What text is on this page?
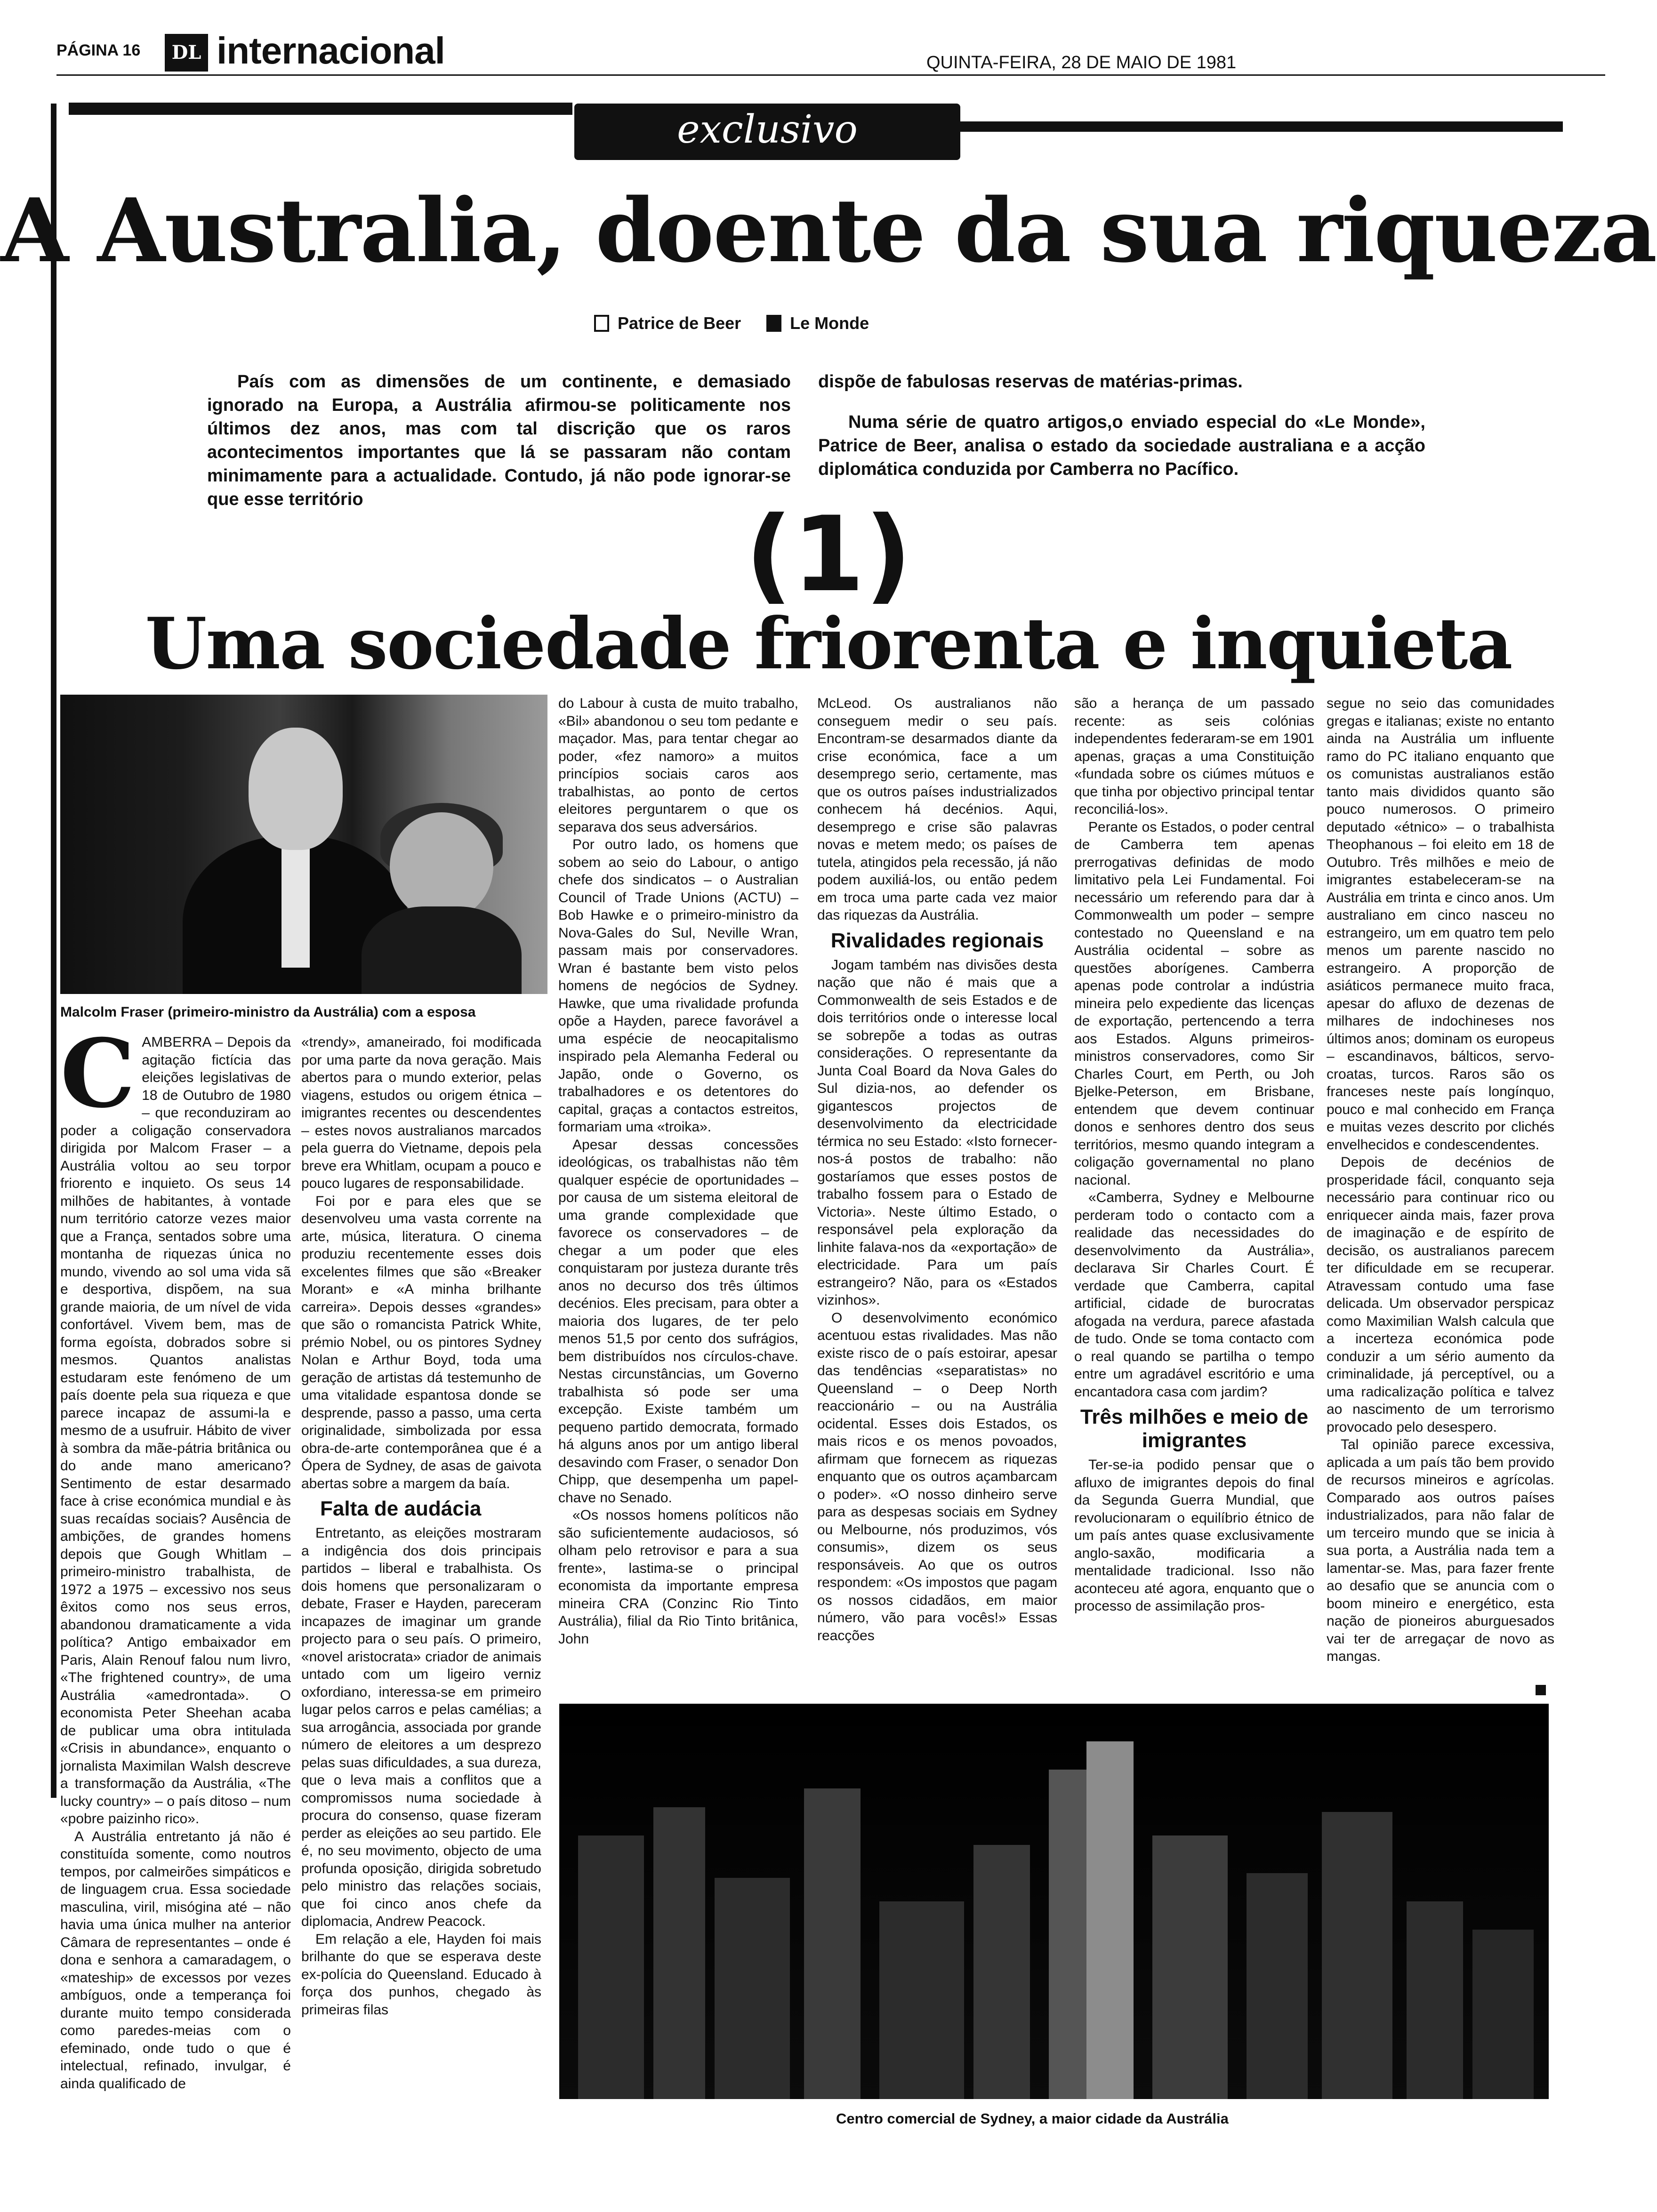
PÁGINA 16	DL internacional	QUINTA-FEIRA, 28 DE MAIO DE 1981
exclusivo
A Australia, doente da sua riqueza
Patrice de Beer	Le Monde

País com as dimensões de um continente, e demasiado ignorado na Europa, a Austrália afirmou-se politicamente nos últimos dez anos, mas com tal discrição que os raros acontecimentos importantes que lá se passaram não contam minimamente para a actualidade. Contudo, já não pode ignorar-se que esse território

dispõe de fabulosas reservas de matérias-primas.

Numa série de quatro artigos,o enviado especial do «Le Monde», Patrice de Beer, analisa o estado da sociedade australiana e a acção diplomática conduzida por Camberra no Pacífico.

(1)
Uma sociedade friorenta e inquieta
Malcolm Fraser (primeiro-ministro da Austrália) com a esposa

CAMBERRA – Depois da agitação fictícia das eleições legislativas de 18 de Outubro de 1980 – que reconduziram ao poder a coligação conservadora dirigida por Malcom Fraser – a Austrália voltou ao seu torpor friorento e inquieto. Os seus 14 milhões de habitantes, à vontade num território catorze vezes maior que a França, sentados sobre uma montanha de riquezas única no mundo, vivendo ao sol uma vida sã e desportiva, dispõem, na sua grande maioria, de um nível de vida confortável. Vivem bem, mas de forma egoísta, dobrados sobre si mesmos. Quantos analistas estudaram este fenómeno de um país doente pela sua riqueza e que parece incapaz de assumi-la e mesmo de a usufruir. Hábito de viver à sombra da mãe-pátria britânica ou do ande mano americano? Sentimento de estar desarmado face à crise económica mundial e às suas recaídas sociais? Ausência de ambições, de grandes homens depois que Gough Whitlam – primeiro-ministro trabalhista, de 1972 a 1975 – excessivo nos seus êxitos como nos seus erros, abandonou dramaticamente a vida política? Antigo embaixador em Paris, Alain Renouf falou num livro, «The frightened country», de uma Austrália «amedrontada». O economista Peter Sheehan acaba de publicar uma obra intitulada «Crisis in abundance», enquanto o jornalista Maximilan Walsh descreve a transformação da Austrália, «The lucky country» – o país ditoso – num «pobre paizinho rico».

A Austrália entretanto já não é constituída somente, como noutros tempos, por calmeirões simpáticos e de linguagem crua. Essa sociedade masculina, viril, misógina até – não havia uma única mulher na anterior Câmara de representantes – onde é dona e senhora a camaradagem, o «mateship» de excessos por vezes ambíguos, onde a temperança foi durante muito tempo considerada como paredes-meias com o efeminado, onde tudo o que é intelectual, refinado, invulgar, é ainda qualificado de

«trendy», amaneirado, foi modificada por uma parte da nova geração. Mais abertos para o mundo exterior, pelas viagens, estudos ou origem étnica – imigrantes recentes ou descendentes – estes novos australianos marcados pela guerra do Vietname, depois pela breve era Whitlam, ocupam a pouco e pouco lugares de responsabilidade.

Foi por e para eles que se desenvolveu uma vasta corrente na arte, música, literatura. O cinema produziu recentemente esses dois excelentes filmes que são «Breaker Morant» e «A minha brilhante carreira». Depois desses «grandes» que são o romancista Patrick White, prémio Nobel, ou os pintores Sydney Nolan e Arthur Boyd, toda uma geração de artistas dá testemunho de uma vitalidade espantosa donde se desprende, passo a passo, uma certa originalidade, simbolizada por essa obra-de-arte contemporânea que é a Ópera de Sydney, de asas de gaivota abertas sobre a margem da baía.

Falta de audácia

Entretanto, as eleições mostraram a indigência dos dois principais partidos – liberal e trabalhista. Os dois homens que personalizaram o debate, Fraser e Hayden, pareceram incapazes de imaginar um grande projecto para o seu país. O primeiro, «novel aristocrata» criador de animais untado com um ligeiro verniz oxfordiano, interessa-se em primeiro lugar pelos carros e pelas camélias; a sua arrogância, associada por grande número de eleitores a um desprezo pelas suas dificuldades, a sua dureza, que o leva mais a conflitos que a compromissos numa sociedade à procura do consenso, quase fizeram perder as eleições ao seu partido. Ele é, no seu movimento, objecto de uma profunda oposição, dirigida sobretudo pelo ministro das relações sociais, que foi cinco anos chefe da diplomacia, Andrew Peacock.

Em relação a ele, Hayden foi mais brilhante do que se esperava deste ex-polícia do Queensland. Educado à força dos punhos, chegado às primeiras filas

do Labour à custa de muito trabalho, «Bil» abandonou o seu tom pedante e maçador. Mas, para tentar chegar ao poder, «fez namoro» a muitos princípios sociais caros aos trabalhistas, ao ponto de certos eleitores perguntarem o que os separava dos seus adversários.

Por outro lado, os homens que sobem ao seio do Labour, o antigo chefe dos sindicatos – o Australian Council of Trade Unions (ACTU) – Bob Hawke e o primeiro-ministro da Nova-Gales do Sul, Neville Wran, passam mais por conservadores. Wran é bastante bem visto pelos homens de negócios de Sydney. Hawke, que uma rivalidade profunda opõe a Hayden, parece favorável a uma espécie de neocapitalismo inspirado pela Alemanha Federal ou Japão, onde o Governo, os trabalhadores e os detentores do capital, graças a contactos estreitos, formariam uma «troika».

Apesar dessas concessões ideológicas, os trabalhistas não têm qualquer espécie de oportunidades – por causa de um sistema eleitoral de uma grande complexidade que favorece os conservadores – de chegar a um poder que eles conquistaram por justeza durante três anos no decurso dos três últimos decénios. Eles precisam, para obter a maioria dos lugares, de ter pelo menos 51,5 por cento dos sufrágios, bem distribuídos nos círculos-chave. Nestas circunstâncias, um Governo trabalhista só pode ser uma excepção. Existe também um pequeno partido democrata, formado há alguns anos por um antigo liberal desavindo com Fraser, o senador Don Chipp, que desempenha um papel-chave no Senado.

«Os nossos homens políticos não são suficientemente audaciosos, só olham pelo retrovisor e para a sua frente», lastima-se o principal economista da importante empresa mineira CRA (Conzinc Rio Tinto Austrália), filial da Rio Tinto britânica, John

McLeod. Os australianos não conseguem medir o seu país. Encontram-se desarmados diante da crise económica, face a um desemprego serio, certamente, mas que os outros países industrializados conhecem há decénios. Aqui, desemprego e crise são palavras novas e metem medo; os países de tutela, atingidos pela recessão, já não podem auxiliá-los, ou então pedem em troca uma parte cada vez maior das riquezas da Austrália.

Rivalidades regionais

Jogam também nas divisões desta nação que não é mais que a Commonwealth de seis Estados e de dois territórios onde o interesse local se sobrepõe a todas as outras considerações. O representante da Junta Coal Board da Nova Gales do Sul dizia-nos, ao defender os gigantescos projectos de desenvolvimento da electricidade térmica no seu Estado: «Isto fornecer-nos-á postos de trabalho: não gostaríamos que esses postos de trabalho fossem para o Estado de Victoria». Neste último Estado, o responsável pela exploração da linhite falava-nos da «exportação» de electricidade. Para um país estrangeiro? Não, para os «Estados vizinhos».

O desenvolvimento económico acentuou estas rivalidades. Mas não existe risco de o país estoirar, apesar das tendências «separatistas» no Queensland – o Deep North reaccionário – ou na Austrália ocidental. Esses dois Estados, os mais ricos e os menos povoados, afirmam que fornecem as riquezas enquanto que os outros açambarcam o poder». «O nosso dinheiro serve para as despesas sociais em Sydney ou Melbourne, nós produzimos, vós consumis», dizem os seus responsáveis. Ao que os outros respondem: «Os impostos que pagam os nossos cidadãos, em maior número, vão para vocês!» Essas reacções

são a herança de um passado recente: as seis colónias independentes federaram-se em 1901 apenas, graças a uma Constituição «fundada sobre os ciúmes mútuos e que tinha por objectivo principal tentar reconciliá-los».

Perante os Estados, o poder central de Camberra tem apenas prerrogativas definidas de modo limitativo pela Lei Fundamental. Foi necessário um referendo para dar à Commonwealth um poder – sempre contestado no Queensland e na Austrália ocidental – sobre as questões aborígenes. Camberra apenas pode controlar a indústria mineira pelo expediente das licenças de exportação, pertencendo a terra aos Estados. Alguns primeiros-ministros conservadores, como Sir Charles Court, em Perth, ou Joh Bjelke-Peterson, em Brisbane, entendem que devem continuar donos e senhores dentro dos seus territórios, mesmo quando integram a coligação governamental no plano nacional.

«Camberra, Sydney e Melbourne perderam todo o contacto com a realidade das necessidades do desenvolvimento da Austrália», declarava Sir Charles Court. É verdade que Camberra, capital artificial, cidade de burocratas afogada na verdura, parece afastada de tudo. Onde se toma contacto com o real quando se partilha o tempo entre um agradável escritório e uma encantadora casa com jardim?

Três milhões e meio de imigrantes

Ter-se-ia podido pensar que o afluxo de imigrantes depois do final da Segunda Guerra Mundial, que revolucionaram o equilíbrio étnico de um país antes quase exclusivamente anglo-saxão, modificaria a mentalidade tradicional. Isso não aconteceu até agora, enquanto que o processo de assimilação pros-

segue no seio das comunidades gregas e italianas; existe no entanto ainda na Austrália um influente ramo do PC italiano enquanto que os comunistas australianos estão tanto mais divididos quanto são pouco numerosos. O primeiro deputado «étnico» – o trabalhista Theophanous – foi eleito em 18 de Outubro. Três milhões e meio de imigrantes estabeleceram-se na Austrália em trinta e cinco anos. Um australiano em cinco nasceu no estrangeiro, um em quatro tem pelo menos um parente nascido no estrangeiro. A proporção de asiáticos permanece muito fraca, apesar do afluxo de dezenas de milhares de indochineses nos últimos anos; dominam os europeus – escandinavos, bálticos, servo-croatas, turcos. Raros são os franceses neste país longínquo, pouco e mal conhecido em França e muitas vezes descrito por clichés envelhecidos e condescendentes.

Depois de decénios de prosperidade fácil, conquanto seja necessário para continuar rico ou enriquecer ainda mais, fazer prova de imaginação e de espírito de decisão, os australianos parecem ter dificuldade em se recuperar. Atravessam contudo uma fase delicada. Um observador perspicaz como Maximilian Walsh calcula que a incerteza económica pode conduzir a um sério aumento da criminalidade, já perceptível, ou a uma radicalização política e talvez ao nascimento de um terrorismo provocado pelo desespero.

Tal opinião parece excessiva, aplicada a um país tão bem provido de recursos mineiros e agrícolas. Comparado aos outros países industrializados, para não falar de um terceiro mundo que se inicia à sua porta, a Austrália nada tem a lamentar-se. Mas, para fazer frente ao desafio que se anuncia com o boom mineiro e energético, esta nação de pioneiros aburguesados vai ter de arregaçar de novo as mangas.

Centro comercial de Sydney, a maior cidade da Austrália
